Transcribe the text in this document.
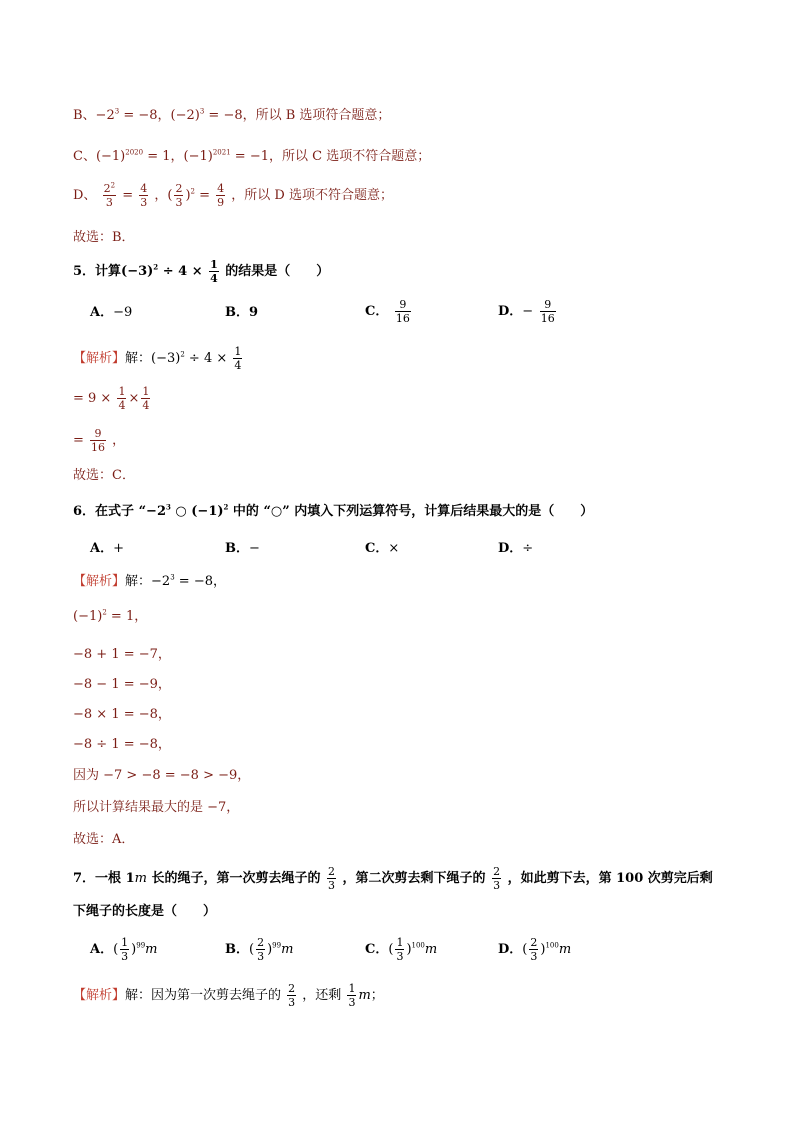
B、$-2^3 = -8$，$(-2)^3 = -8$，所以 B 选项符合题意；
C、$(-1)^{2020} = 1$，$(-1)^{2021} = -1$，所以 C 选项不符合题意；
D、 $\frac{2^2}{3} = \frac{4}{3}$ ，( $\frac{2}{3} )^2 = \frac{4}{9}$ ，所以 D 选项不符合题意；
故选：B．
5．计算$(-3)^2 \div 4 \times \frac{1}{4}$ 的结果是（　　）
A．−9	B．9	C． $\frac{9}{16}$	D．− $\frac{9}{16}$
【解析】解：$(-3)^2 \div 4 \times \frac{1}{4}$
= $9 \times \frac{1}{4} \times \frac{1}{4}$
= $\frac{9}{16}$ ，
故选：C．
6．在式子 “$-2^3$ ○ $(-1)^2$ 中的 “○” 内填入下列运算符号，计算后结果最大的是（　　）
A．+	B．−	C．×	D．÷
【解析】解：$-2^3 = -8$，
$(-1)^2 = 1$，
−8 + 1 = −7，
−8 − 1 = −9，
−8 × 1 = −8，
−8 ÷ 1 = −8，
因为 −7 > −8 = −8 > −9，
所以计算结果最大的是 −7，
故选：A．
7．一根 1m 长的绳子，第一次剪去绳子的 $\frac{2}{3}$ ，第二次剪去剩下绳子的 $\frac{2}{3}$ ，如此剪下去，第 100 次剪完后剩
下绳子的长度是（　　）
A．( $\frac{1}{3} )^{99}m$	B．( $\frac{2}{3} )^{99}m$	C．( $\frac{1}{3} )^{100}m$	D．( $\frac{2}{3} )^{100}m$
【解析】解：因为第一次剪去绳子的 $\frac{2}{3}$ ，还剩 $\frac{1}{3}$ m；
